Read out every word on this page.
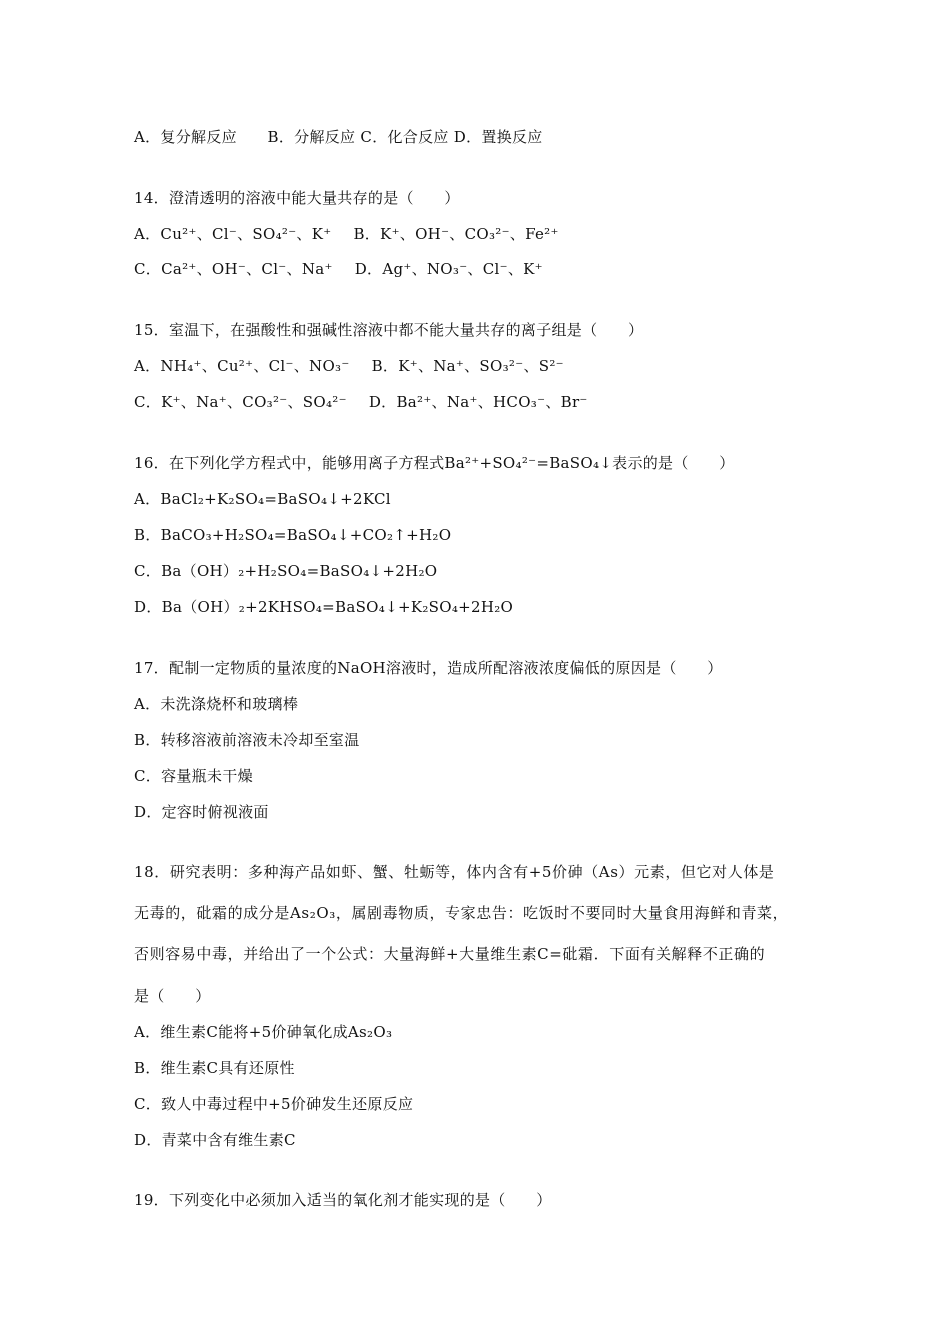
A．复分解反应　　B．分解反应 C．化合反应 D．置换反应
14．澄清透明的溶液中能大量共存的是（　　）
A．Cu²⁺、Cl⁻、SO₄²⁻、K⁺ B．K⁺、OH⁻、CO₃²⁻、Fe²⁺
C．Ca²⁺、OH⁻、Cl⁻、Na⁺ D．Ag⁺、NO₃⁻、Cl⁻、K⁺
15．室温下，在强酸性和强碱性溶液中都不能大量共存的离子组是（　　）
A．NH₄⁺、Cu²⁺、Cl⁻、NO₃⁻ B．K⁺、Na⁺、SO₃²⁻、S²⁻
C．K⁺、Na⁺、CO₃²⁻、SO₄²⁻ D．Ba²⁺、Na⁺、HCO₃⁻、Br⁻
16．在下列化学方程式中，能够用离子方程式Ba²⁺+SO₄²⁻=BaSO₄↓表示的是（　　）
A．BaCl₂+K₂SO₄=BaSO₄↓+2KCl
B．BaCO₃+H₂SO₄=BaSO₄↓+CO₂↑+H₂O
C．Ba（OH）₂+H₂SO₄=BaSO₄↓+2H₂O
D．Ba（OH）₂+2KHSO₄=BaSO₄↓+K₂SO₄+2H₂O
17．配制一定物质的量浓度的NaOH溶液时，造成所配溶液浓度偏低的原因是（　　）
A．未洗涤烧杯和玻璃棒
B．转移溶液前溶液未冷却至室温
C．容量瓶未干燥
D．定容时俯视液面
18．研究表明：多种海产品如虾、蟹、牡蛎等，体内含有+5价砷（As）元素，但它对人体是
无毒的，砒霜的成分是As₂O₃，属剧毒物质，专家忠告：吃饭时不要同时大量食用海鲜和青菜，
否则容易中毒，并给出了一个公式：大量海鲜+大量维生素C=砒霜．下面有关解释不正确的
是（　　）
A．维生素C能将+5价砷氧化成As₂O₃
B．维生素C具有还原性
C．致人中毒过程中+5价砷发生还原反应
D．青菜中含有维生素C
19．下列变化中必须加入适当的氧化剂才能实现的是（　　）
